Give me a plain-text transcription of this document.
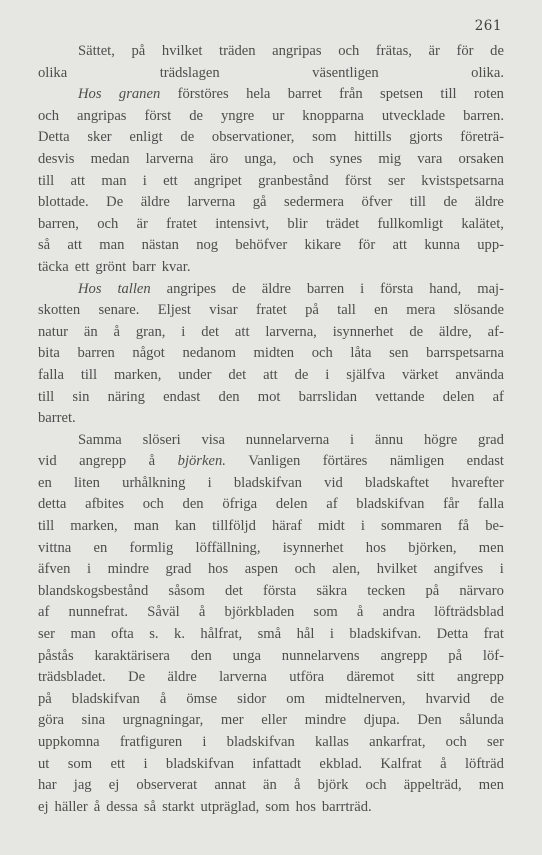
261
Sättet, på hvilket träden angripas och frätas, är för de
olika	trädslagen	väsentligen	olika.
Hos granen förstöres hela barret från spetsen till roten
och angripas först de yngre ur knopparna utvecklade barren.
Detta sker enligt de observationer, som hittills gjorts företrä-
desvis medan larverna äro unga, och synes mig vara orsaken
till att man i ett angripet granbestånd först ser kvistspetsarna
blottade. De äldre larverna gå sedermera öfver till de äldre
barren, och är fratet intensivt, blir trädet fullkomligt kalätet,
så att man nästan nog behöfver kikare för att kunna upp-
täcka ett grönt barr kvar.
Hos tallen angripes de äldre barren i första hand, maj-
skotten senare. Eljest visar fratet på tall en mera slösande
natur än å gran, i det att larverna, isynnerhet de äldre, af-
bita barren något nedanom midten och låta sen barrspetsarna
falla till marken, under det att de i själfva värket använda
till sin näring endast den mot barrslidan vettande delen af
barret.
Samma slöseri visa nunnelarverna i ännu högre grad
vid angrepp å björken. Vanligen förtäres nämligen endast
en liten urhålkning i bladskifvan vid bladskaftet hvarefter
detta afbites och den öfriga delen af bladskifvan får falla
till marken, man kan tillföljd häraf midt i sommaren få be-
vittna en formlig löffällning, isynnerhet hos björken, men
äfven i mindre grad hos aspen och alen, hvilket angifves i
blandskogsbestånd såsom det första säkra tecken på närvaro
af nunnefrat. Såväl å björkbladen som å andra löfträdsblad
ser man ofta s. k. hålfrat, små hål i bladskifvan. Detta frat
påstås karaktärisera den unga nunnelarvens angrepp på löf-
trädsbladet. De äldre larverna utföra däremot sitt angrepp
på bladskifvan å ömse sidor om midtelnerven, hvarvid de
göra sina urgnagningar, mer eller mindre djupa. Den sålunda
uppkomna fratfiguren i bladskifvan kallas ankarfrat, och ser
ut som ett i bladskifvan infattadt ekblad. Kalfrat å löfträd
har jag ej observerat annat än å björk och äppelträd, men
ej häller å dessa så starkt utpräglad, som hos barrträd.
